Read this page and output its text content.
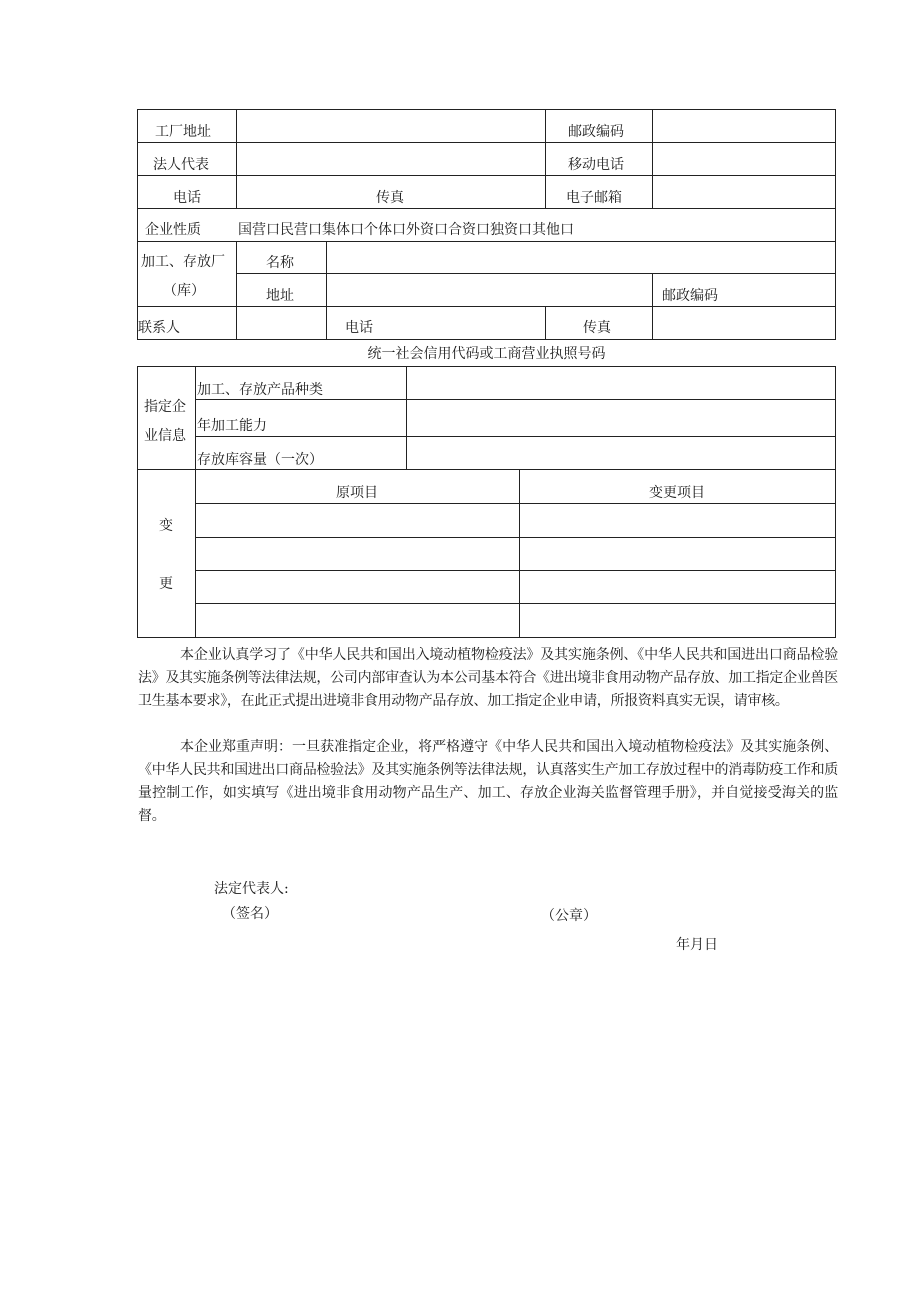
工厂地址	邮政编码
法人代表	移动电话
电话	传真	电子邮箱
企业性质	国营口民营口集体口个体口外资口合资口独资口其他口
加工、存放厂
（库）
名称
地址	邮政编码
联系人	电话	传真
统一社会信用代码或工商营业执照号码
指定企
业信息
加工、存放产品种类
年加工能力
存放库容量（一次）
变
更
原项目	变更项目
本企业认真学习了《中华人民共和国出入境动植物检疫法》及其实施条例、《中华人民共和国进出口商品检验法》及其实施条例等法律法规，公司内部审查认为本公司基本符合《进出境非食用动物产品存放、加工指定企业兽医卫生基本要求》，在此正式提出进境非食用动物产品存放、加工指定企业申请，所报资料真实无误，请审核。
本企业郑重声明：一旦获准指定企业，将严格遵守《中华人民共和国出入境动植物检疫法》及其实施条例、《中华人民共和国进出口商品检验法》及其实施条例等法律法规，认真落实生产加工存放过程中的消毒防疫工作和质量控制工作，如实填写《进出境非食用动物产品生产、加工、存放企业海关监督管理手册》，并自觉接受海关的监督。
法定代表人:
（签名）	（公章）
年月日
